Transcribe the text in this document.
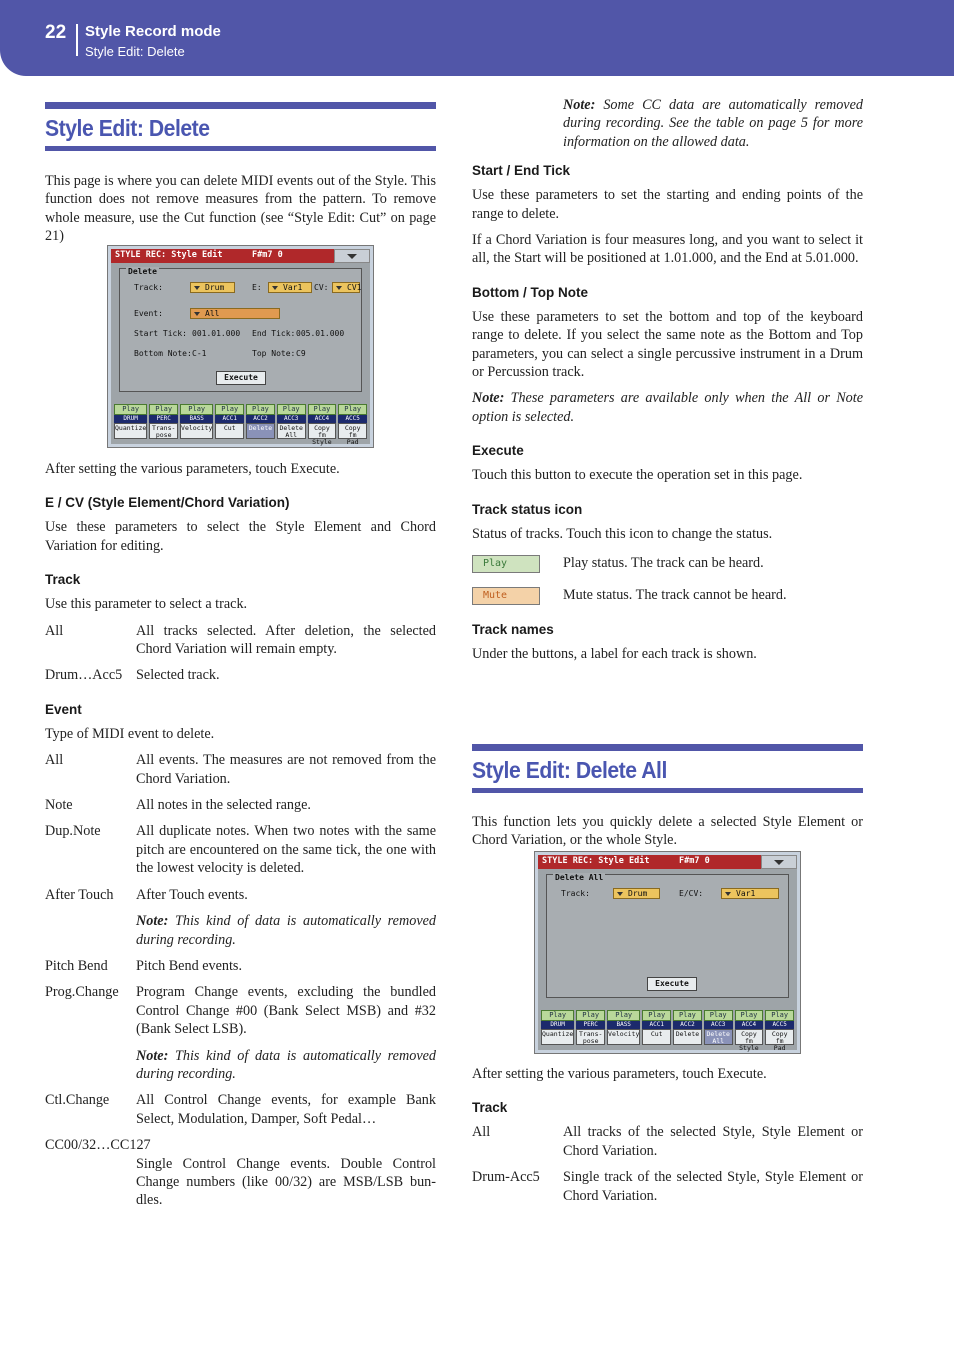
22 Style Record mode
Style Edit: Delete
Style Edit: Delete
This page is where you can delete MIDI events out of the Style. This function does not remove measures from the pattern. To remove whole measure, use the Cut function (see “Style Edit: Cut” on page 21)
STYLE REC: Style Edit	F#m7 0
Delete
Track:	Drum	E:	Var1	CV:	CV1
Event:	All
Start Tick: 001.01.000 End Tick: 005.01.000
Bottom Note: C-1	Top Note: C9
Execute
Play
DRUM
Quantize
Play
PERC
Trans-
pose
Play
BASS
Velocity
Play
ACC1
Cut
Play
ACC2
Delete
Play
ACC3
Delete
All
Play
ACC4
Copy fm
Style
Play
ACC5
Copy fm
Pad
After setting the various parameters, touch Execute.
E / CV (Style Element/Chord Variation)
Use these parameters to select the Style Element and Chord Variation for editing.
Track
Use this parameter to select a track.
All	All tracks selected. After deletion, the selected Chord Variation will remain empty.
Drum…Acc5 Selected track.
Event
Type of MIDI event to delete.
All	All events. The measures are not removed from the Chord Variation.
Note	All notes in the selected range.
Dup.Note	All duplicate notes. When two notes with the same pitch are encountered on the same tick, the one with the lowest velocity is deleted.
After Touch	After Touch events.
Note: This kind of data is automatically removed during recording.
Pitch Bend	Pitch Bend events.
Prog.Change	Program Change events, excluding the bundled Control Change #00 (Bank Select MSB) and #32 (Bank Select LSB).
Note: This kind of data is automatically removed during recording.
Ctl.Change	All Control Change events, for example Bank Select, Modulation, Damper, Soft Pedal…
CC00/32…CC127
Single Control Change events. Double Control Change numbers (like 00/32) are MSB/LSB bun-dles.
Note: Some CC data are automatically removed during recording. See the table on page 5 for more information on the allowed data.
Start / End Tick
Use these parameters to set the starting and ending points of the range to delete.
If a Chord Variation is four measures long, and you want to select it all, the Start will be positioned at 1.01.000, and the End at 5.01.000.
Bottom / Top Note
Use these parameters to set the bottom and top of the keyboard range to delete. If you select the same note as the Bottom and Top parameters, you can select a single percussive instrument in a Drum or Percussion track.
Note: These parameters are available only when the All or Note option is selected.
Execute
Touch this button to execute the operation set in this page.
Track status icon
Status of tracks. Touch this icon to change the status.
Play	Play status. The track can be heard.
Mute	Mute status. The track cannot be heard.
Track names
Under the buttons, a label for each track is shown.
Style Edit: Delete All
This function lets you quickly delete a selected Style Element or Chord Variation, or the whole Style.
STYLE REC: Style Edit	F#m7 0
Delete All
Track:	Drum	E/CV:	Var1
Execute
Play
DRUM
Quantize
Play
PERC
Trans-
pose
Play
BASS
Velocity
Play
ACC1
Cut
Play
ACC2
Delete
Play
ACC3
Delete
All
Play
ACC4
Copy fm
Style
Play
ACC5
Copy fm
Pad
After setting the various parameters, touch Execute.
Track
All	All tracks of the selected Style, Style Element or Chord Variation.
Drum-Acc5	Single track of the selected Style, Style Element or Chord Variation.
